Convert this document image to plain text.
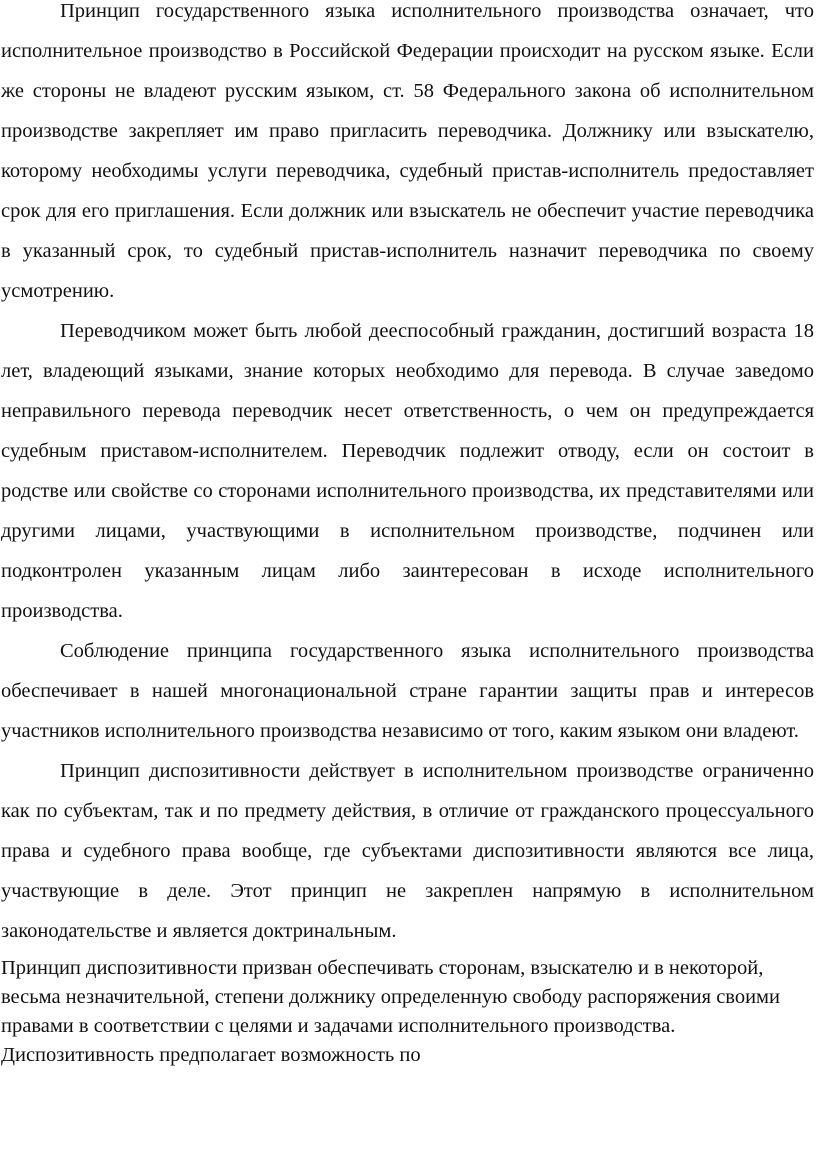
Принцип государственного языка исполнительного производства означает, что исполнительное производство в Российской Федерации происходит на русском языке. Если же стороны не владеют русским языком, ст. 58 Федерального закона об исполнительном производстве закрепляет им право пригласить переводчика. Должнику или взыскателю, которому необходимы услуги переводчика, судебный пристав-исполнитель предоставляет срок для его приглашения. Если должник или взыскатель не обеспечит участие переводчика в указанный срок, то судебный пристав-исполнитель назначит переводчика по своему усмотрению.

Переводчиком может быть любой дееспособный гражданин, достигший возраста 18 лет, владеющий языками, знание которых необходимо для перевода. В случае заведомо неправильного перевода переводчик несет ответственность, о чем он предупреждается судебным приставом-исполнителем. Переводчик подлежит отводу, если он состоит в родстве или свойстве со сторонами исполнительного производства, их представителями или другими лицами, участвующими в исполнительном производстве, подчинен или подконтролен указанным лицам либо заинтересован в исходе исполнительного производства.

Соблюдение принципа государственного языка исполнительного производства обеспечивает в нашей многонациональной стране гарантии защиты прав и интересов участников исполнительного производства независимо от того, каким языком они владеют.

Принцип диспозитивности действует в исполнительном производстве ограниченно как по субъектам, так и по предмету действия, в отличие от гражданского процессуального права и судебного права вообще, где субъектами диспозитивности являются все лица, участвующие в деле. Этот принцип не закреплен напрямую в исполнительном законодательстве и является доктринальным.

Принцип диспозитивности призван обеспечивать сторонам, взыскателю и в некоторой, весьма незначительной, степени должнику определенную свободу распоряжения своими правами в соответствии с целями и задачами исполнительного производства. Диспозитивность предполагает возможность по
